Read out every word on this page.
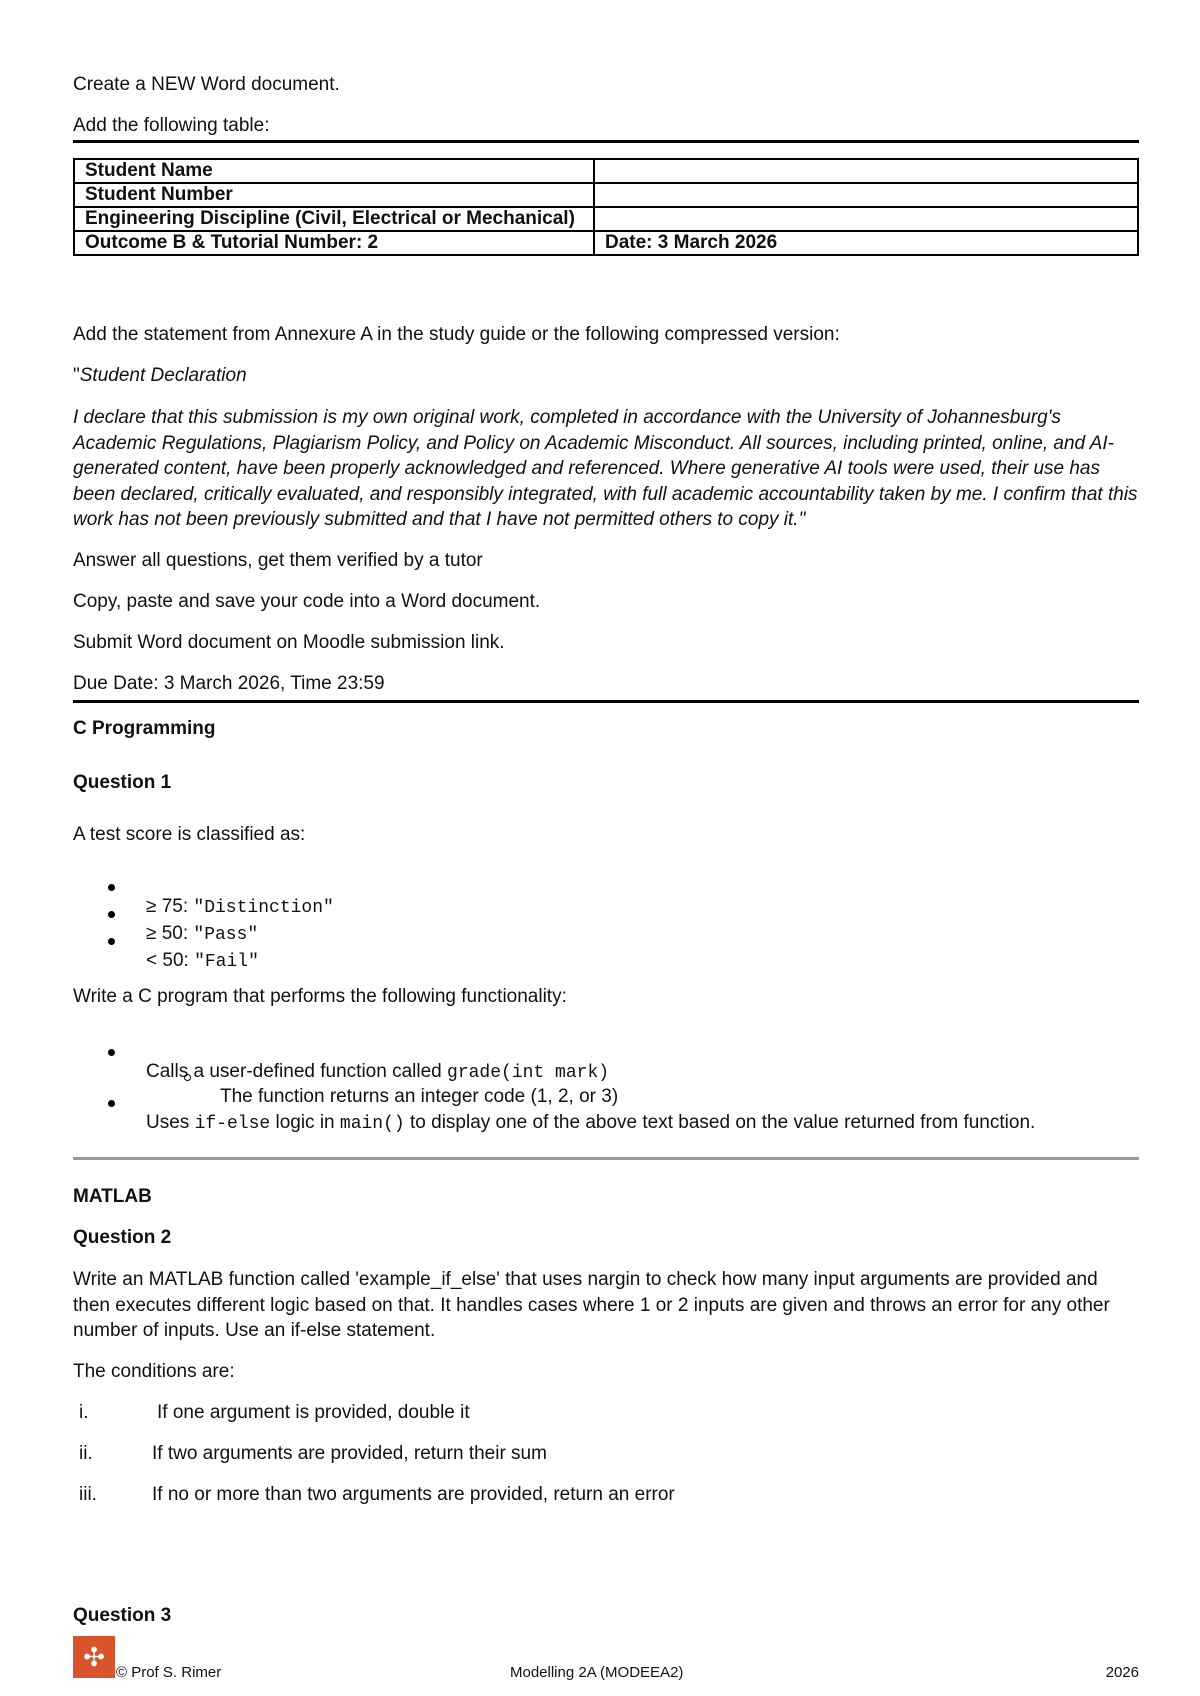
Create a NEW Word document.

Add the following table:

Student Name	
Student Number	
Engineering Discipline (Civil, Electrical or Mechanical)	
Outcome B & Tutorial Number: 2	Date: 3 March 2026

Add the statement from Annexure A in the study guide or the following compressed version:

"Student Declaration

I declare that this submission is my own original work, completed in accordance with the University of Johannesburg's Academic Regulations, Plagiarism Policy, and Policy on Academic Misconduct. All sources, including printed, online, and AI-generated content, have been properly acknowledged and referenced. Where generative AI tools were used, their use has been declared, critically evaluated, and responsibly integrated, with full academic accountability taken by me. I confirm that this work has not been previously submitted and that I have not permitted others to copy it."

Answer all questions, get them verified by a tutor

Copy, paste and save your code into a Word document.

Submit Word document on Moodle submission link.

Due Date: 3 March 2026, Time 23:59

C Programming

Question 1

A test score is classified as:

≥ 75: "Distinction"

≥ 50: "Pass"

< 50: "Fail"

Write a C program that performs the following functionality:

Calls a user-defined function called grade(int mark)

The function returns an integer code (1, 2, or 3)

Uses if-else logic in main() to display one of the above text based on the value returned from function.

MATLAB

Question 2

Write an MATLAB function called 'example_if_else' that uses nargin to check how many input arguments are provided and then executes different logic based on that. It handles cases where 1 or 2 inputs are given and throws an error for any other number of inputs. Use an if-else statement.

The conditions are:

i.	If one argument is provided, double it

ii.	If two arguments are provided, return their sum

iii.	If no or more than two arguments are provided, return an error

Question 3

✣
© Prof S. Rimer	Modelling 2A (MODEEA2)	2026
